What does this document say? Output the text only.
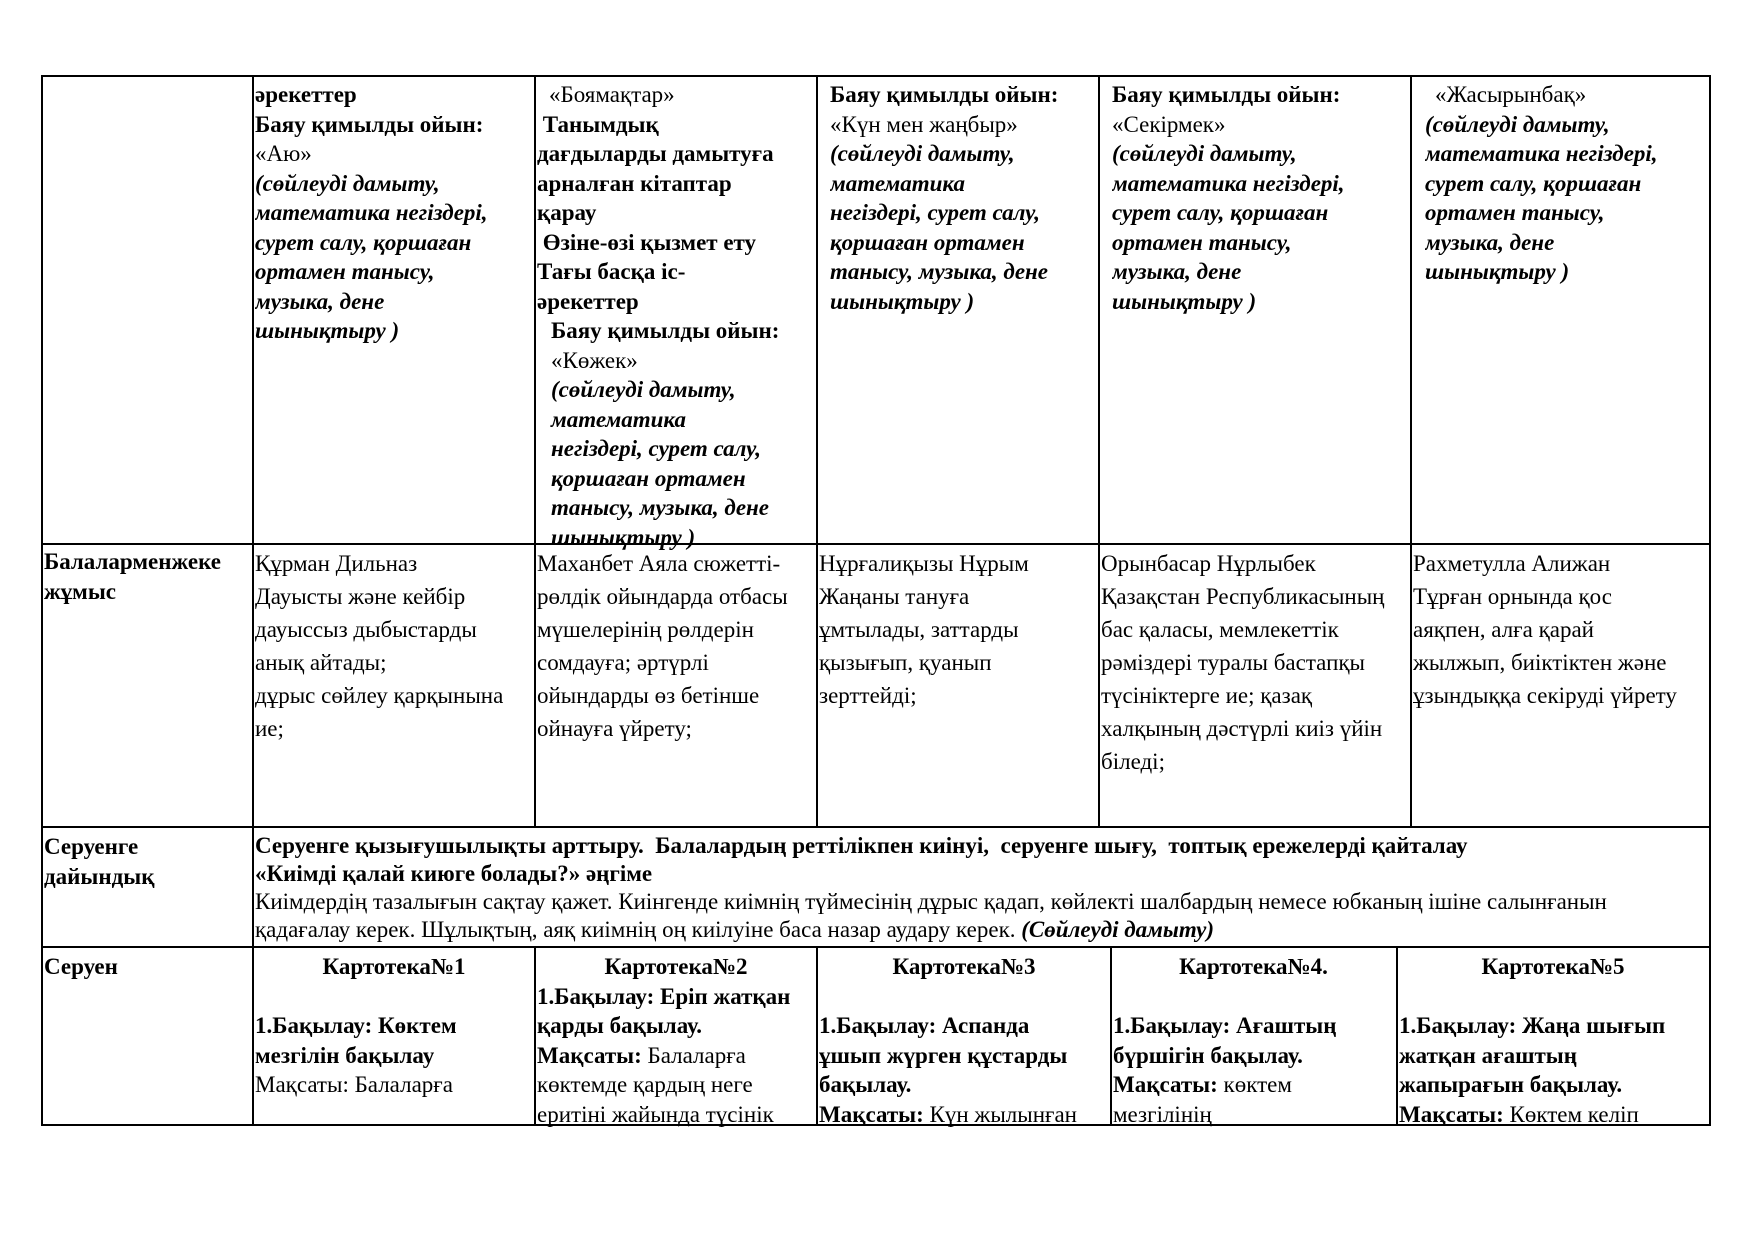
әрекеттер
Баяу қимылды ойын:
«Аю»
(сөйлеуді дамыту,
математика негіздері,
сурет салу, қоршаған
ортамен танысу,
музыка, дене
шынықтыру )
«Боямақтар»
Танымдық
дағдыларды дамытуға
арналған кітаптар
қарау
Өзіне-өзі қызмет ету
Тағы басқа іс-
әрекеттер
Баяу қимылды ойын:
«Көжек»
(сөйлеуді дамыту,
математика
негіздері, сурет салу,
қоршаған ортамен
танысу, музыка, дене
шынықтыру )
Баяу қимылды ойын:
«Күн мен жаңбыр»
(сөйлеуді дамыту,
математика
негіздері, сурет салу,
қоршаған ортамен
танысу, музыка, дене
шынықтыру )
Баяу қимылды ойын:
«Секірмек»
(сөйлеуді дамыту,
математика негіздері,
сурет салу, қоршаған
ортамен танысу,
музыка, дене
шынықтыру )
«Жасырынбақ»
(сөйлеуді дамыту,
математика негіздері,
сурет салу, қоршаған
ортамен танысу,
музыка, дене
шынықтыру )
Балаларменжеке
жұмыс
Құрман Дильназ
Дауысты және кейбір
дауыссыз дыбыстарды
анық айтады;
дұрыс сөйлеу қарқынына
ие;
Маханбет Аяла сюжетті-
рөлдік ойындарда отбасы
мүшелерінің рөлдерін
сомдауға; әртүрлі
ойындарды өз бетінше
ойнауға үйрету;
Нұрғалиқызы Нұрым
Жаңаны тануға
ұмтылады, заттарды
қызығып, қуанып
зерттейді;
Орынбасар Нұрлыбек
Қазақстан Республикасының
бас қаласы, мемлекеттік
рәміздері туралы бастапқы
түсініктерге ие; қазақ
халқының дәстүрлі киіз үйін
біледі;
Рахметулла Алижан
Тұрған орнында қос
аяқпен, алға қарай
жылжып, биіктіктен және
ұзындыққа секіруді үйрету
Серуенге
дайындық
Серуенге қызығушылықты арттыру.  Балалардың реттілікпен киінуі,  серуенге шығу,  топтық ережелерді қайталау
«Киімді қалай киюге болады?» әңгіме
Киімдердің тазалығын сақтау қажет. Киінгенде киімнің түймесінің дұрыс қадап, көйлекті шалбардың немесе юбканың ішіне салынғанын
қадағалау керек. Шұлықтың, аяқ киімнің оң киілуіне баса назар аудару керек. (Сөйлеуді дамыту)
Серуен	Картотека№1

1.Бақылау: Көктем
мезгілін бақылау
Мақсаты: Балаларға
Картотека№2
1.Бақылау: Еріп жатқан
қарды бақылау.
Мақсаты: Балаларға
көктемде қардың неге
еритіні жайында түсінік
Картотека№3

1.Бақылау: Аспанда
ұшып жүрген құстарды
бақылау.
Мақсаты: Күн жылынған
Картотека№4.

1.Бақылау: Ағаштың
бүршігін бақылау.
Мақсаты: көктем
мезгілінің
Картотека№5

1.Бақылау: Жаңа шығып
жатқан ағаштың
жапырағын бақылау.
Мақсаты: Көктем келіп
